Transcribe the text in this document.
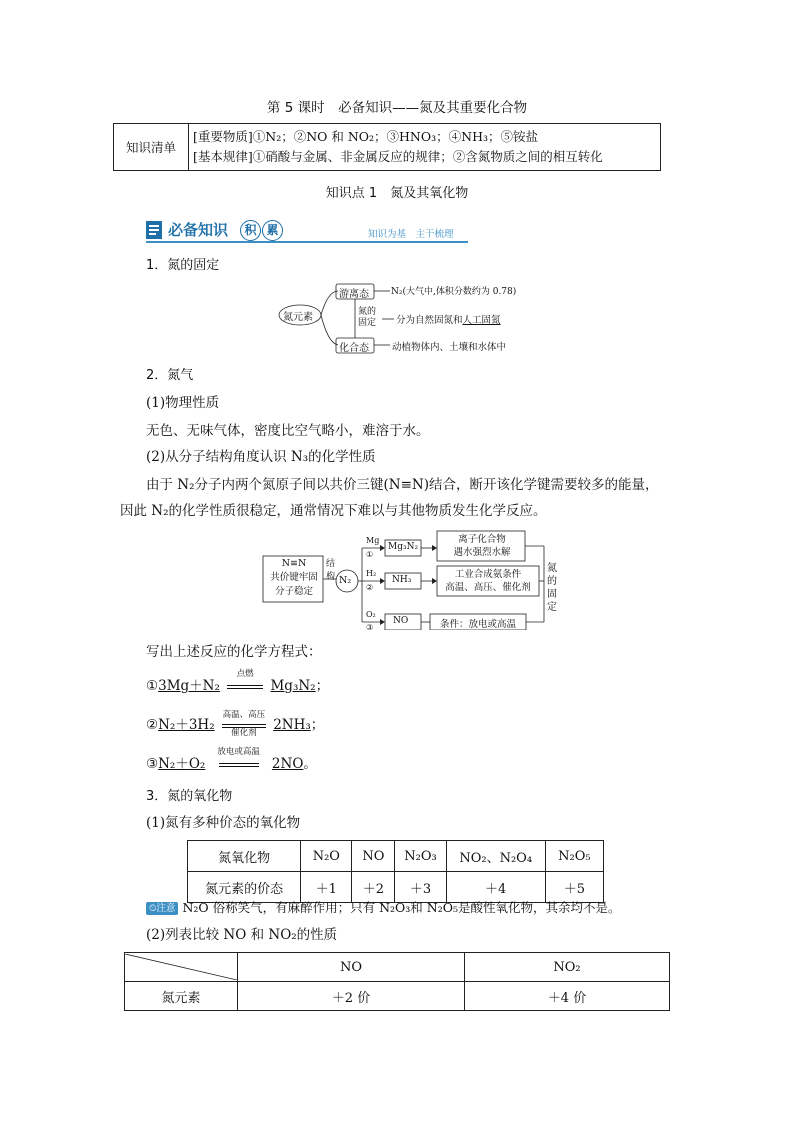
第 5 课时　必备知识——氮及其重要化合物
知识清单	
[重要物质]①N₂；②NO 和 NO₂；③HNO₃；④NH₃；⑤铵盐
[基本规律]①硝酸与金属、非金属反应的规律；②含氮物质之间的相互转化
知识点 1　氮及其氧化物
必备知识	积 累	知识为基　主干梳理
1．氮的固定
氮元素
游离态 N₂(大气中,体积分数约为 0.78)
氮的固定	分为自然固氮和人工固氮
化合态 动植物体内、土壤和水体中
2．氮气
(1)物理性质
无色、无味气体，密度比空气略小，难溶于水。
(2)从分子结构角度认识 N₃的化学性质
由于 N₂分子内两个氮原子间以共价三键(N≡N)结合，断开该化学键需要较多的能量，
因此 N₂的化学性质很稳定，通常情况下难以与其他物质发生化学反应。
N≡N
共价键牢固
分子稳定
结构 N₂
Mg
①
Mg₃N₂
离子化合物
遇水强烈水解
H₂
②
NH₃	工业合成氨条件
高温、高压、催化剂
O₂
③
NO	条件：放电或高温
氮的固定
写出上述反应的化学方程式：
①3Mg＋N₂
点燃
Mg₃N₂；
②N₂＋3H₂
高温、高压
催化剂	2NH₃；
③N₂＋O₂
放电或高温
2NO。
3．氮的氧化物
(1)氮有多种价态的氧化物
氮氧化物	N₂O	NO	N₂O₃	NO₂、N₂O₄	N₂O₅
氮元素的价态	＋1	＋2	＋3	＋4	＋5
⏲注意 N₂O 俗称笑气，有麻醉作用；只有 N₂O₃和 N₂O₅是酸性氧化物，其余均不是。
(2)列表比较 NO 和 NO₂的性质
	NO	NO₂
氮元素	＋2 价	＋4 价
